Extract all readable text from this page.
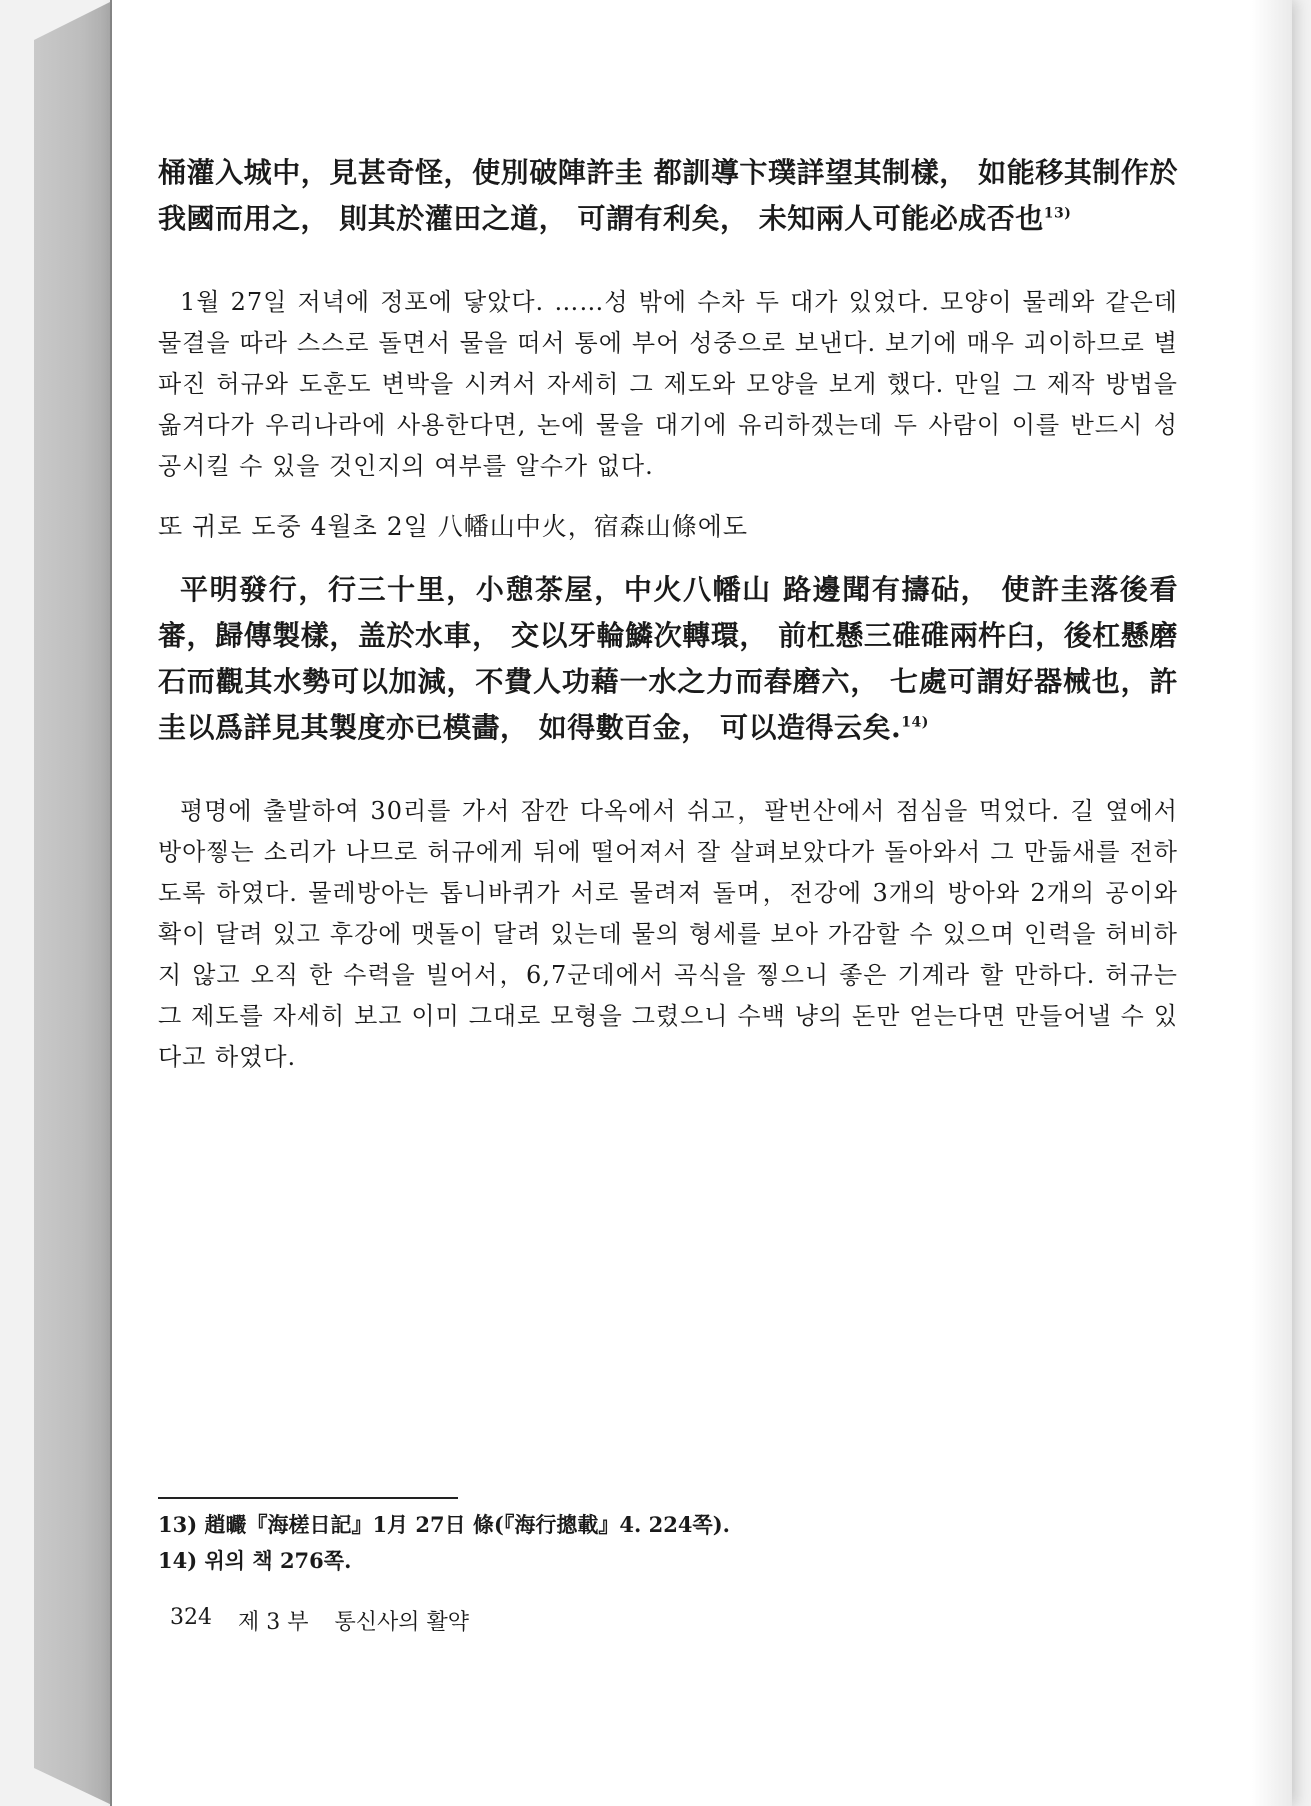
桶灌入城中，見甚奇怪，使別破陣許圭 都訓導卞璞詳望其制樣， 如能移其制作於我國而用之， 則其於灌田之道， 可謂有利矣， 未知兩人可能必成否也$^{13)}$

1월 27일 저녁에 정포에 닿았다. ……성 밖에 수차 두 대가 있었다. 모양이 물레와 같은데 물결을 따라 스스로 돌면서 물을 떠서 통에 부어 성중으로 보낸다. 보기에 매우 괴이하므로 별파진 허규와 도훈도 변박을 시켜서 자세히 그 제도와 모양을 보게 했다. 만일 그 제작 방법을 옮겨다가 우리나라에 사용한다면, 논에 물을 대기에 유리하겠는데 두 사람이 이를 반드시 성공시킬 수 있을 것인지의 여부를 알수가 없다.

또 귀로 도중 4월초 2일 八幡山中火，宿森山條에도

平明發行，行三十里，小憩茶屋，中火八幡山 路邊聞有擣砧， 使許圭落後看審，歸傳製樣，盖於水車， 交以牙輪鱗次轉環， 前杠懸三碓碓兩杵臼，後杠懸磨石而觀其水勢可以加減，不費人功藉一水之力而舂磨六， 七處可謂好器械也，許圭以爲詳見其製度亦已模畵， 如得數百金， 可以造得云矣.$^{14)}$

평명에 출발하여 30리를 가서 잠깐 다옥에서 쉬고，팔번산에서 점심을 먹었다. 길 옆에서 방아찧는 소리가 나므로 허규에게 뒤에 떨어져서 잘 살펴보았다가 돌아와서 그 만듦새를 전하도록 하였다. 물레방아는 톱니바퀴가 서로 물려져 돌며，전강에 3개의 방아와 2개의 공이와 확이 달려 있고 후강에 맷돌이 달려 있는데 물의 형세를 보아 가감할 수 있으며 인력을 허비하지 않고 오직 한 수력을 빌어서，6,7군데에서 곡식을 찧으니 좋은 기계라 할 만하다. 허규는 그 제도를 자세히 보고 이미 그대로 모형을 그렸으니 수백 냥의 돈만 얻는다면 만들어낼 수 있다고 하였다.

13) 趙曮『海槎日記』1月 27日 條(『海行摠載』4. 224쪽).

14) 위의 책 276쪽.

324 제 3 부 통신사의 활약
